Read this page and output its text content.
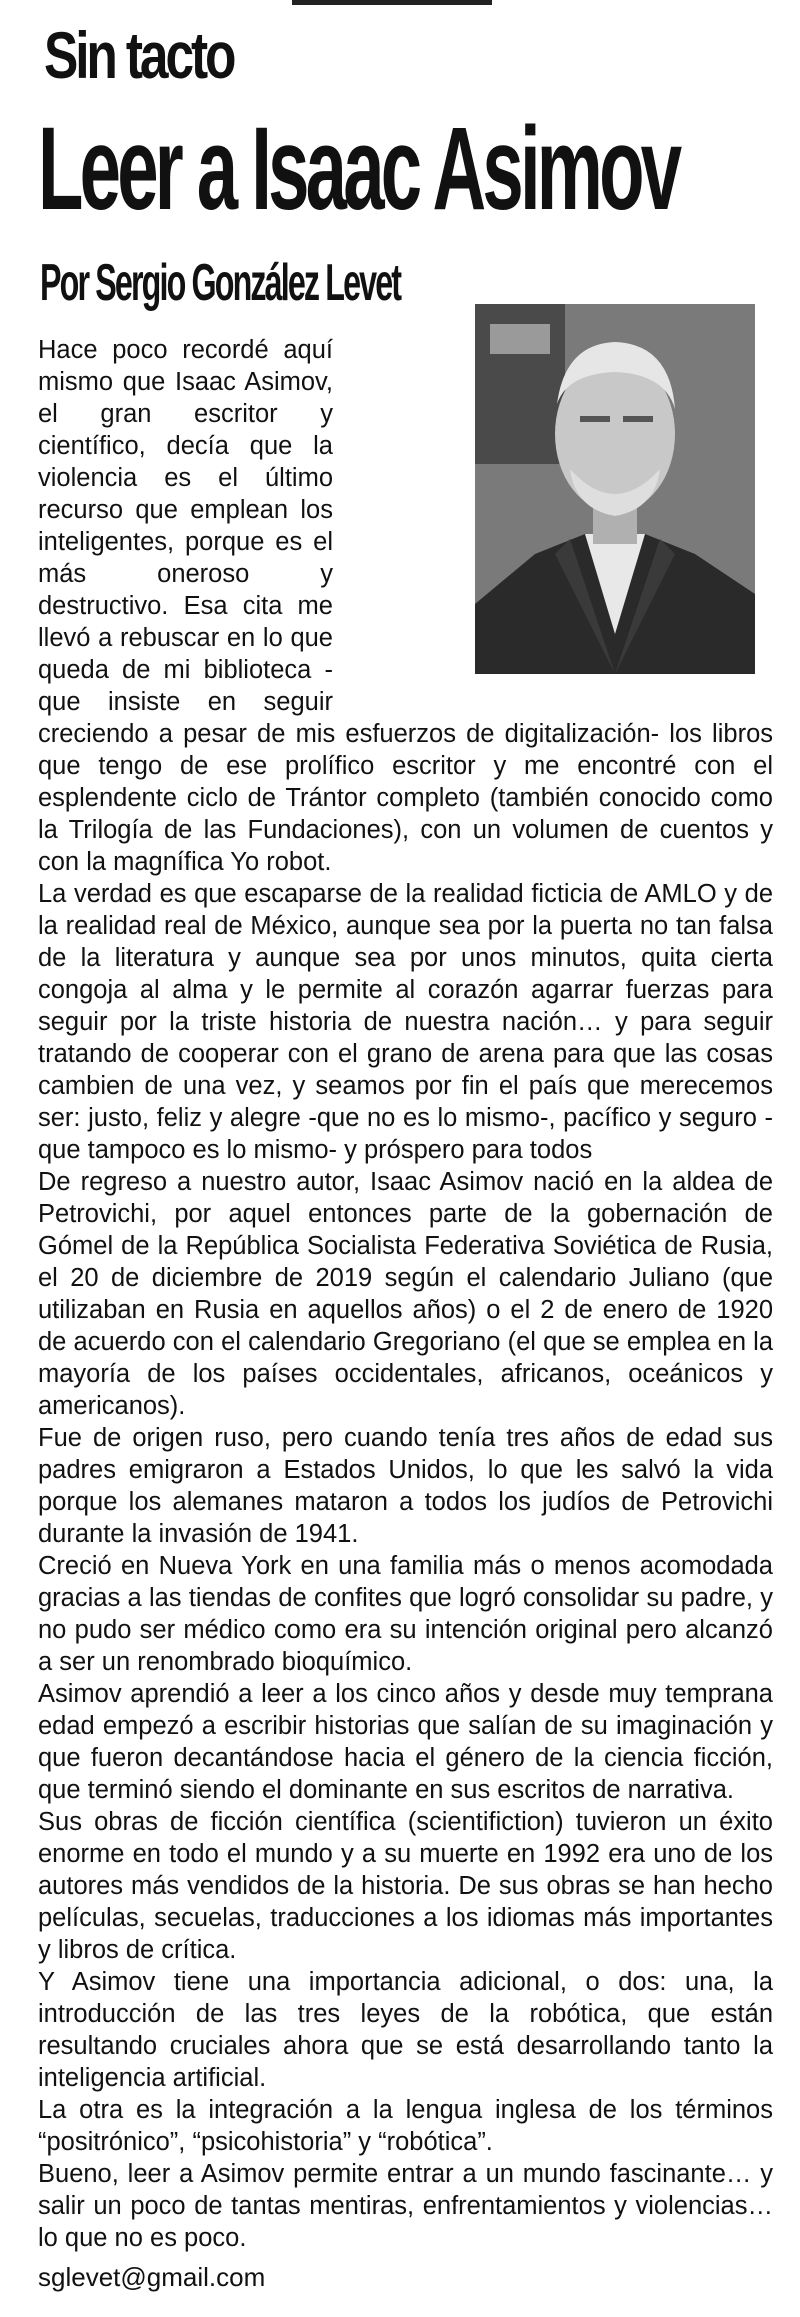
Sin tacto
Leer a Isaac Asimov
Por Sergio González Levet

Hace poco recordé aquí mismo que Isaac Asimov, el gran escritor y científico, decía que la violencia es el último recurso que emplean los inteligentes, porque es el más oneroso y destructivo. Esa cita me llevó a rebuscar en lo que queda de mi biblioteca - que insiste en seguir creciendo a pesar de mis esfuerzos de digitalización- los libros que tengo de ese prolífico escritor y me encontré con el esplendente ciclo de Trántor completo (también conocido como la Trilogía de las Fundaciones), con un volumen de cuentos y con la magnífica Yo robot.

La verdad es que escaparse de la realidad ficticia de AMLO y de la realidad real de México, aunque sea por la puerta no tan falsa de la literatura y aunque sea por unos minutos, quita cierta congoja al alma y le permite al corazón agarrar fuerzas para seguir por la triste historia de nuestra nación… y para seguir tratando de cooperar con el grano de arena para que las cosas cambien de una vez, y seamos por fin el país que merecemos ser: justo, feliz y alegre -que no es lo mismo-, pacífico y seguro -que tampoco es lo mismo- y próspero para todos

De regreso a nuestro autor, Isaac Asimov nació en la aldea de Petrovichi, por aquel entonces parte de la gobernación de Gómel de la República Socialista Federativa Soviética de Rusia, el 20 de diciembre de 2019 según el calendario Juliano (que utilizaban en Rusia en aquellos años) o el 2 de enero de 1920 de acuerdo con el calendario Gregoriano (el que se emplea en la mayoría de los países occidentales, africanos, oceánicos y americanos).

Fue de origen ruso, pero cuando tenía tres años de edad sus padres emigraron a Estados Unidos, lo que les salvó la vida porque los alemanes mataron a todos los judíos de Petrovichi durante la invasión de 1941.

Creció en Nueva York en una familia más o menos acomodada gracias a las tiendas de confites que logró consolidar su padre, y no pudo ser médico como era su intención original pero alcanzó a ser un renombrado bioquímico.

Asimov aprendió a leer a los cinco años y desde muy temprana edad empezó a escribir historias que salían de su imaginación y que fueron decantándose hacia el género de la ciencia ficción, que terminó siendo el dominante en sus escritos de narrativa.

Sus obras de ficción científica (scientifiction) tuvieron un éxito enorme en todo el mundo y a su muerte en 1992 era uno de los autores más vendidos de la historia. De sus obras se han hecho películas, secuelas, traducciones a los idiomas más importantes y libros de crítica.

Y Asimov tiene una importancia adicional, o dos: una, la introducción de las tres leyes de la robótica, que están resultando cruciales ahora que se está desarrollando tanto la inteligencia artificial.

La otra es la integración a la lengua inglesa de los términos “positrónico”, “psicohistoria” y “robótica”.

Bueno, leer a Asimov permite entrar a un mundo fascinante… y salir un poco de tantas mentiras, enfrentamientos y violencias… lo que no es poco.

sglevet@gmail.com
